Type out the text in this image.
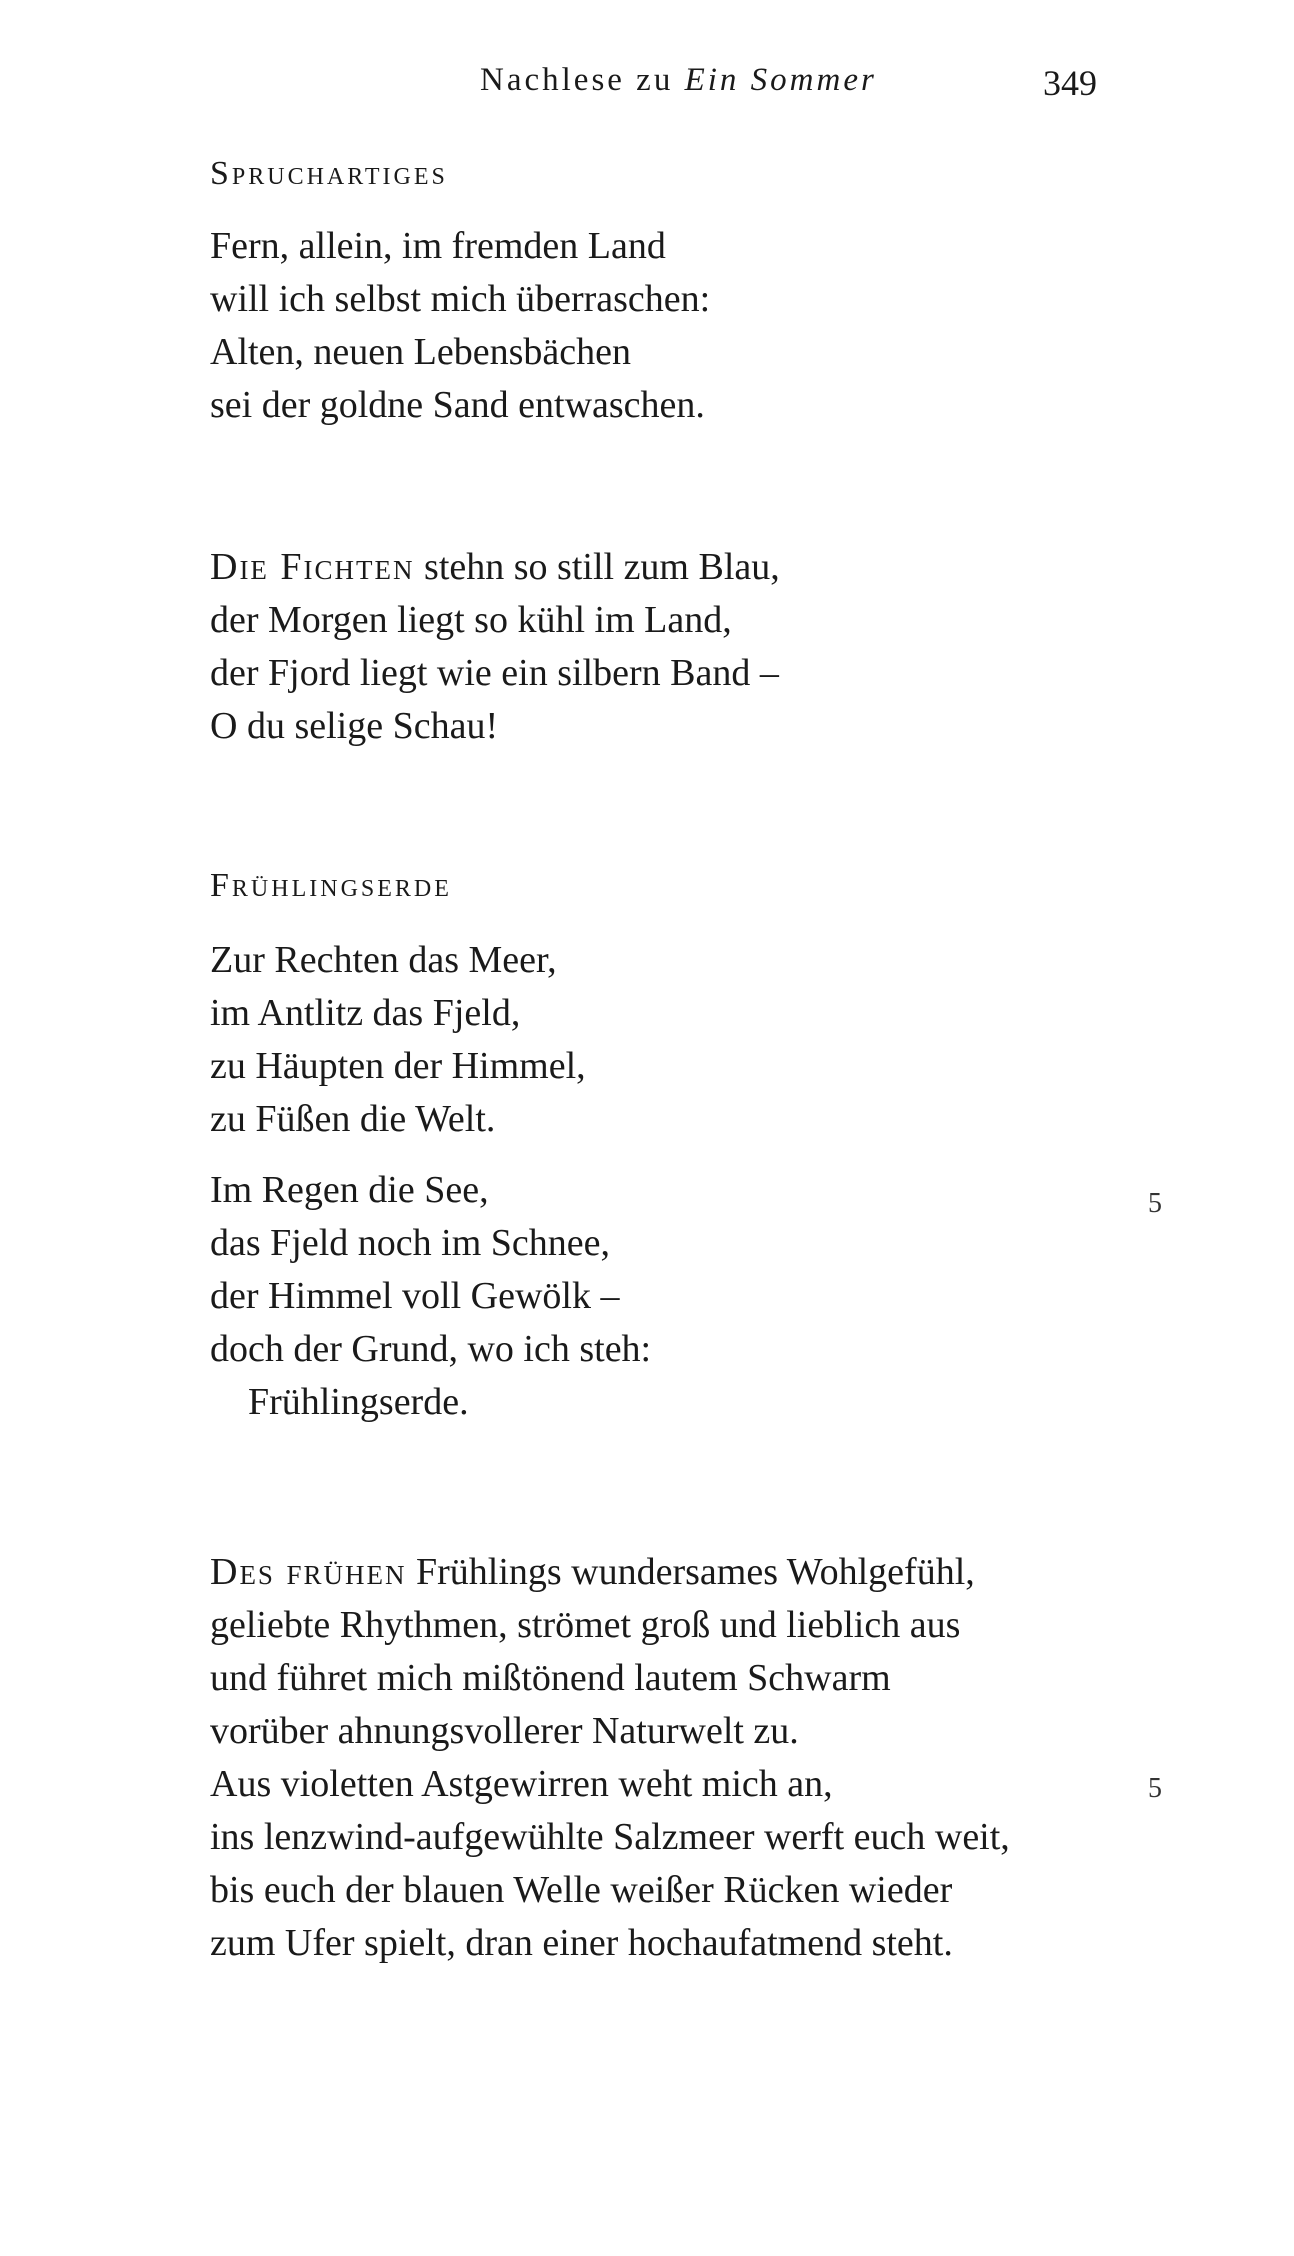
Nachlese zu Ein Sommer	349
Spruchartiges
Fern, allein, im fremden Land
will ich selbst mich überraschen:
Alten, neuen Lebensbächen
sei der goldne Sand entwaschen.
Die Fichten stehn so still zum Blau,
der Morgen liegt so kühl im Land,
der Fjord liegt wie ein silbern Band –
O du selige Schau!
Frühlingserde
Zur Rechten das Meer,
im Antlitz das Fjeld,
zu Häupten der Himmel,
zu Füßen die Welt.
Im Regen die See,
das Fjeld noch im Schnee,
der Himmel voll Gewölk –
doch der Grund, wo ich steh:
Frühlingserde.
5
Des frühen Frühlings wundersames Wohlgefühl,
geliebte Rhythmen, strömet groß und lieblich aus
und führet mich mißtönend lautem Schwarm
vorüber ahnungsvollerer Naturwelt zu.
Aus violetten Astgewirren weht mich an,
ins lenzwind-aufgewühlte Salzmeer werft euch weit,
bis euch der blauen Welle weißer Rücken wieder
zum Ufer spielt, dran einer hochaufatmend steht.
5
